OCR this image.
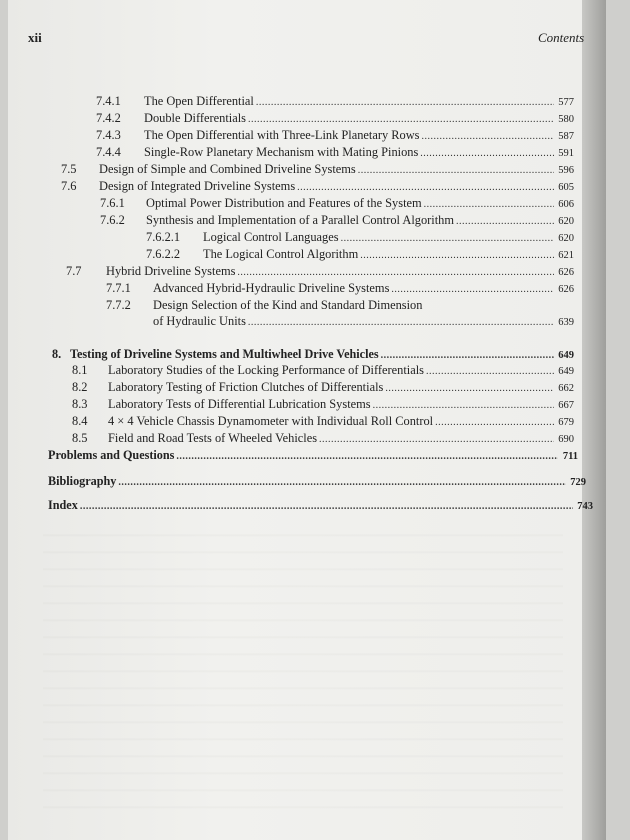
xii	Contents
7.4.1	The Open Differential .....	577
7.4.2	Double Differentials .....	580
7.4.3	The Open Differential with Three-Link Planetary Rows .....	587
7.4.4	Single-Row Planetary Mechanism with Mating Pinions .....	591
7.5	Design of Simple and Combined Driveline Systems .....	596
7.6	Design of Integrated Driveline Systems .....	605
7.6.1	Optimal Power Distribution and Features of the System .....	606
7.6.2	Synthesis and Implementation of a Parallel Control Algorithm .....	620
7.6.2.1	Logical Control Languages .....	620
7.6.2.2	The Logical Control Algorithm .....	621
7.7	Hybrid Driveline Systems .....	626
7.7.1	Advanced Hybrid-Hydraulic Driveline Systems .....	626
7.7.2	Design Selection of the Kind and Standard Dimension
of Hydraulic Units .....	639
8. Testing of Driveline Systems and Multiwheel Drive Vehicles .....	649
8.1	Laboratory Studies of the Locking Performance of Differentials .....	649
8.2	Laboratory Testing of Friction Clutches of Differentials .....	662
8.3	Laboratory Tests of Differential Lubrication Systems .....	667
8.4	4 × 4 Vehicle Chassis Dynamometer with Individual Roll Control .....	679
8.5	Field and Road Tests of Wheeled Vehicles .....	690
Problems and Questions .....	711
Bibliography .....	729
Index .....	743
